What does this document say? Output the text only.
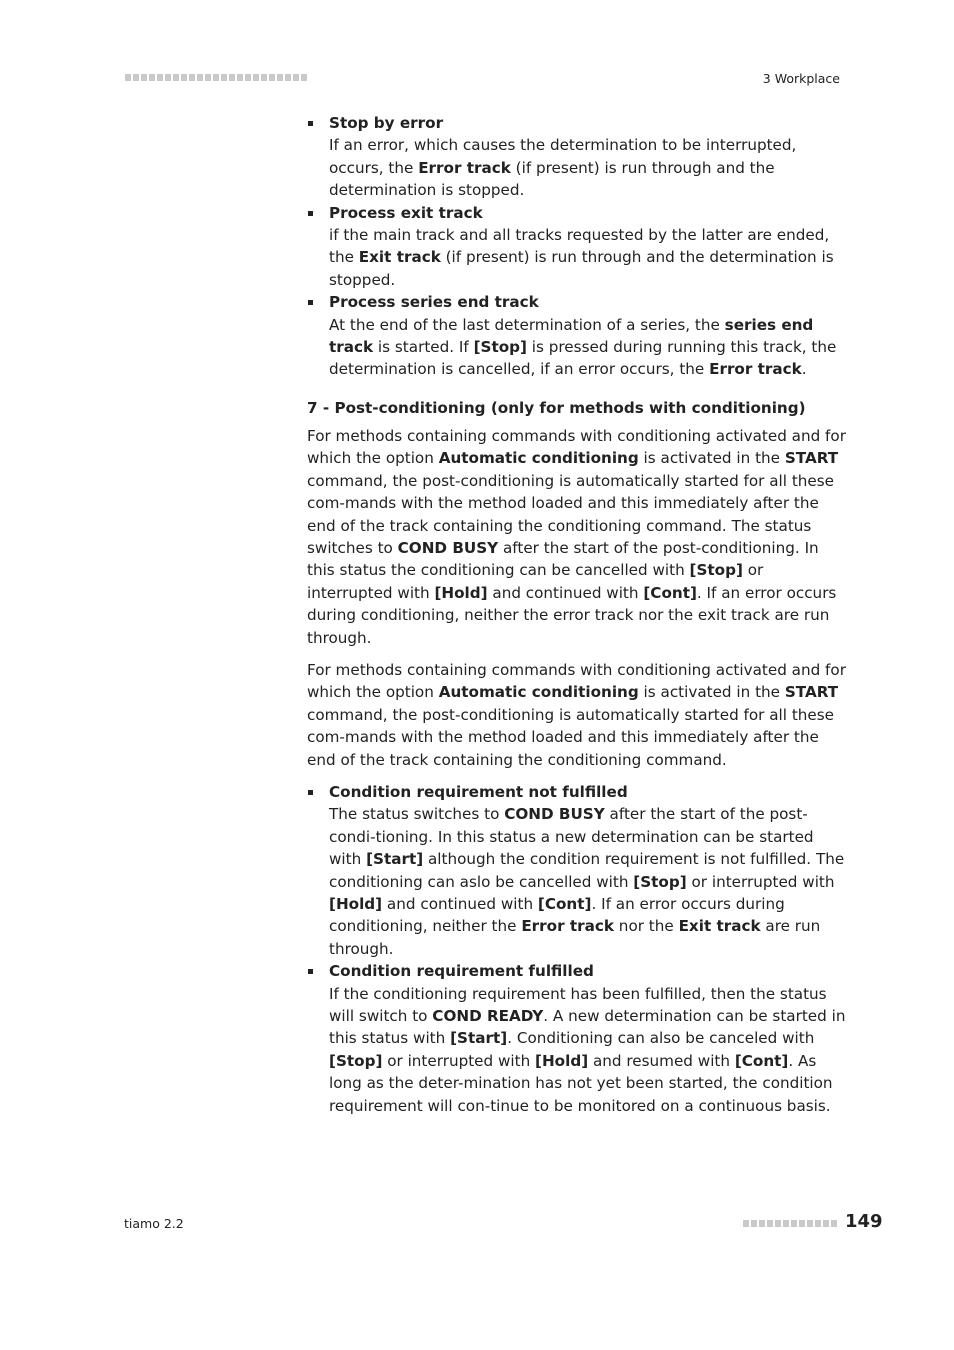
3 Workplace
Stop by error
If an error, which causes the determination to be interrupted, occurs, the Error track (if present) is run through and the determination is stopped.
Process exit track
if the main track and all tracks requested by the latter are ended, the Exit track (if present) is run through and the determination is stopped.
Process series end track
At the end of the last determination of a series, the series end track is started. If [Stop] is pressed during running this track, the determination is cancelled, if an error occurs, the Error track.
7 - Post-conditioning (only for methods with conditioning)

For methods containing commands with conditioning activated and for which the option Automatic conditioning is activated in the START command, the post-conditioning is automatically started for all these com-mands with the method loaded and this immediately after the end of the track containing the conditioning command. The status switches to COND BUSY after the start of the post-conditioning. In this status the conditioning can be cancelled with [Stop] or interrupted with [Hold] and continued with [Cont]. If an error occurs during conditioning, neither the error track nor the exit track are run through.

For methods containing commands with conditioning activated and for which the option Automatic conditioning is activated in the START command, the post-conditioning is automatically started for all these com-mands with the method loaded and this immediately after the end of the track containing the conditioning command.

Condition requirement not fulfilled
The status switches to COND BUSY after the start of the post-condi-tioning. In this status a new determination can be started with [Start] although the condition requirement is not fulfilled. The conditioning can aslo be cancelled with [Stop] or interrupted with [Hold] and continued with [Cont]. If an error occurs during conditioning, neither the Error track nor the Exit track are run through.
Condition requirement fulfilled
If the conditioning requirement has been fulfilled, then the status will switch to COND READY. A new determination can be started in this status with [Start]. Conditioning can also be canceled with [Stop] or interrupted with [Hold] and resumed with [Cont]. As long as the deter-mination has not yet been started, the condition requirement will con-tinue to be monitored on a continuous basis.
tiamo 2.2	149
